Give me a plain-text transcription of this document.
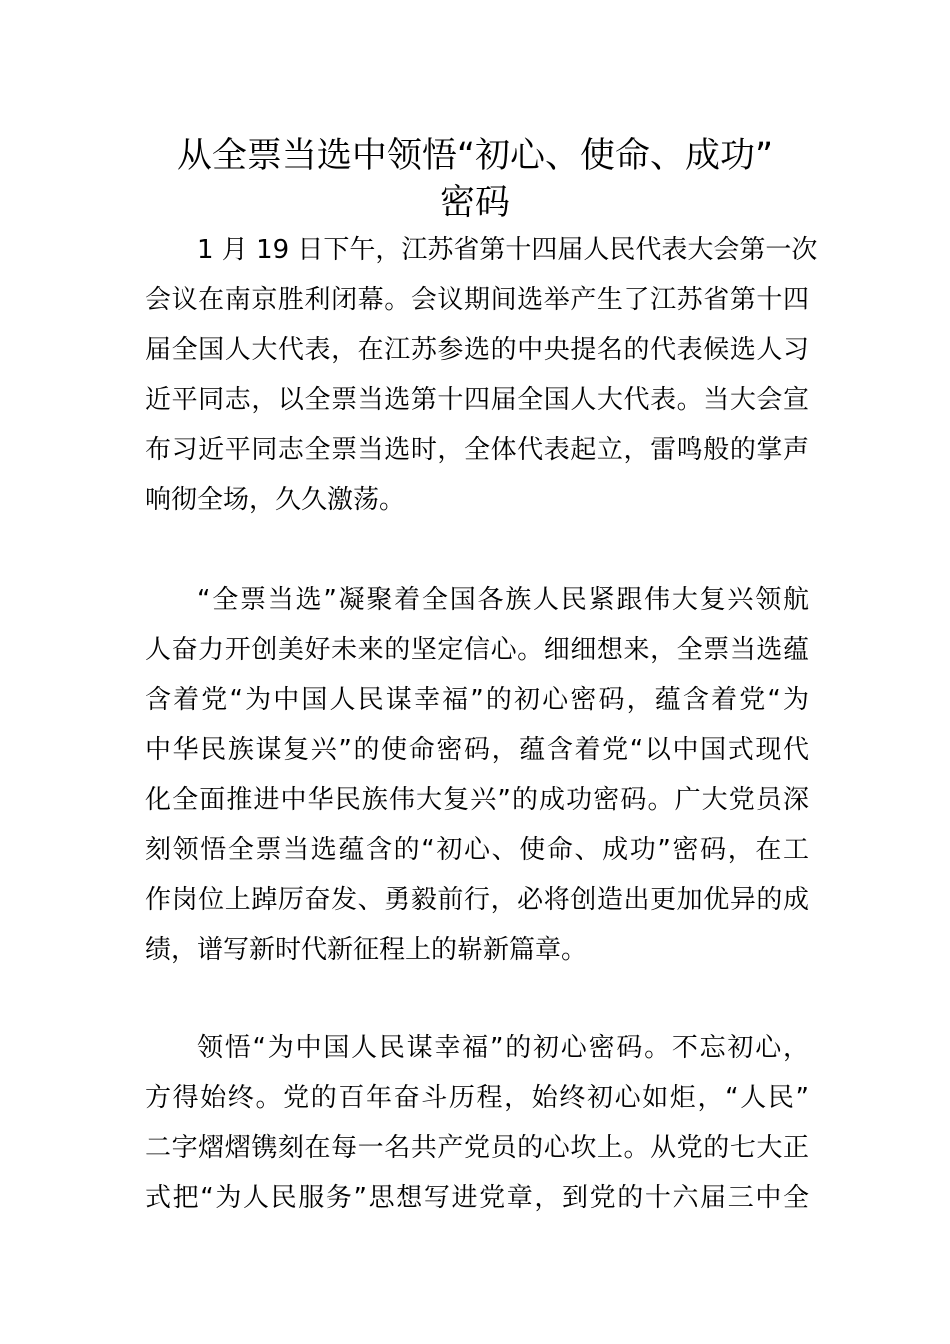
从全票当选中领悟“初心、使命、成功”
密码

1 月 19 日下午，江苏省第十四届人民代表大会第一次

会议在南京胜利闭幕。会议期间选举产生了江苏省第十四

届全国人大代表，在江苏参选的中央提名的代表候选人习

近平同志，以全票当选第十四届全国人大代表。当大会宣

布习近平同志全票当选时，全体代表起立，雷鸣般的掌声

响彻全场，久久激荡。

“全票当选”凝聚着全国各族人民紧跟伟大复兴领航

人奋力开创美好未来的坚定信心。细细想来，全票当选蕴

含着党“为中国人民谋幸福”的初心密码，蕴含着党“为

中华民族谋复兴”的使命密码，蕴含着党“以中国式现代

化全面推进中华民族伟大复兴”的成功密码。广大党员深

刻领悟全票当选蕴含的“初心、使命、成功”密码，在工

作岗位上踔厉奋发、勇毅前行，必将创造出更加优异的成

绩，谱写新时代新征程上的崭新篇章。

领悟“为中国人民谋幸福”的初心密码。不忘初心，

方得始终。党的百年奋斗历程，始终初心如炬，“人民”

二字熠熠镌刻在每一名共产党员的心坎上。从党的七大正

式把“为人民服务”思想写进党章，到党的十六届三中全
